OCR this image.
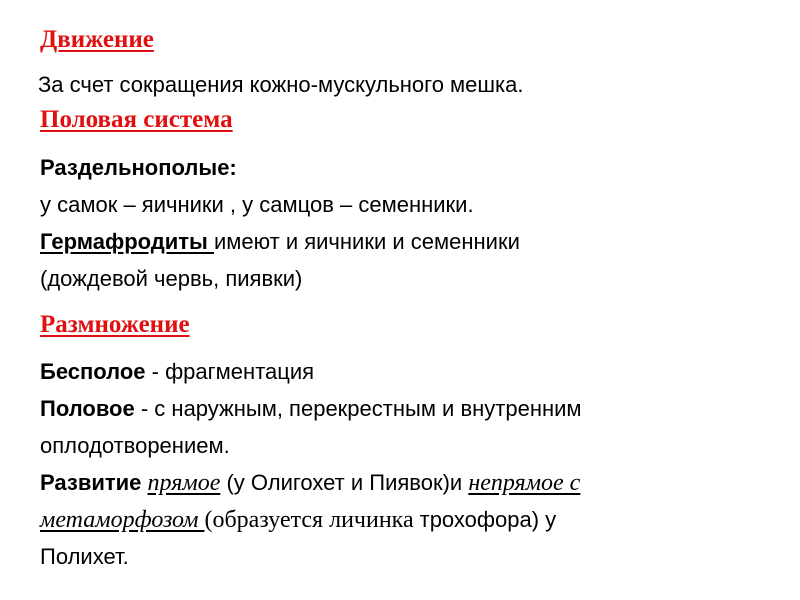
Движение
За счет сокращения кожно-мускульного мешка.
Половая система
Раздельнополые:
у самок – яичники , у самцов – семенники.
Гермафродиты имеют и яичники и семенники
(дождевой червь, пиявки)
Размножение
Бесполое - фрагментация
Половое - с наружным, перекрестным и внутренним
оплодотворением.
Развитие прямое (у Олигохет и Пиявок)и непрямое с
метаморфозом (образуется личинка трохофора) у
Полихет.
